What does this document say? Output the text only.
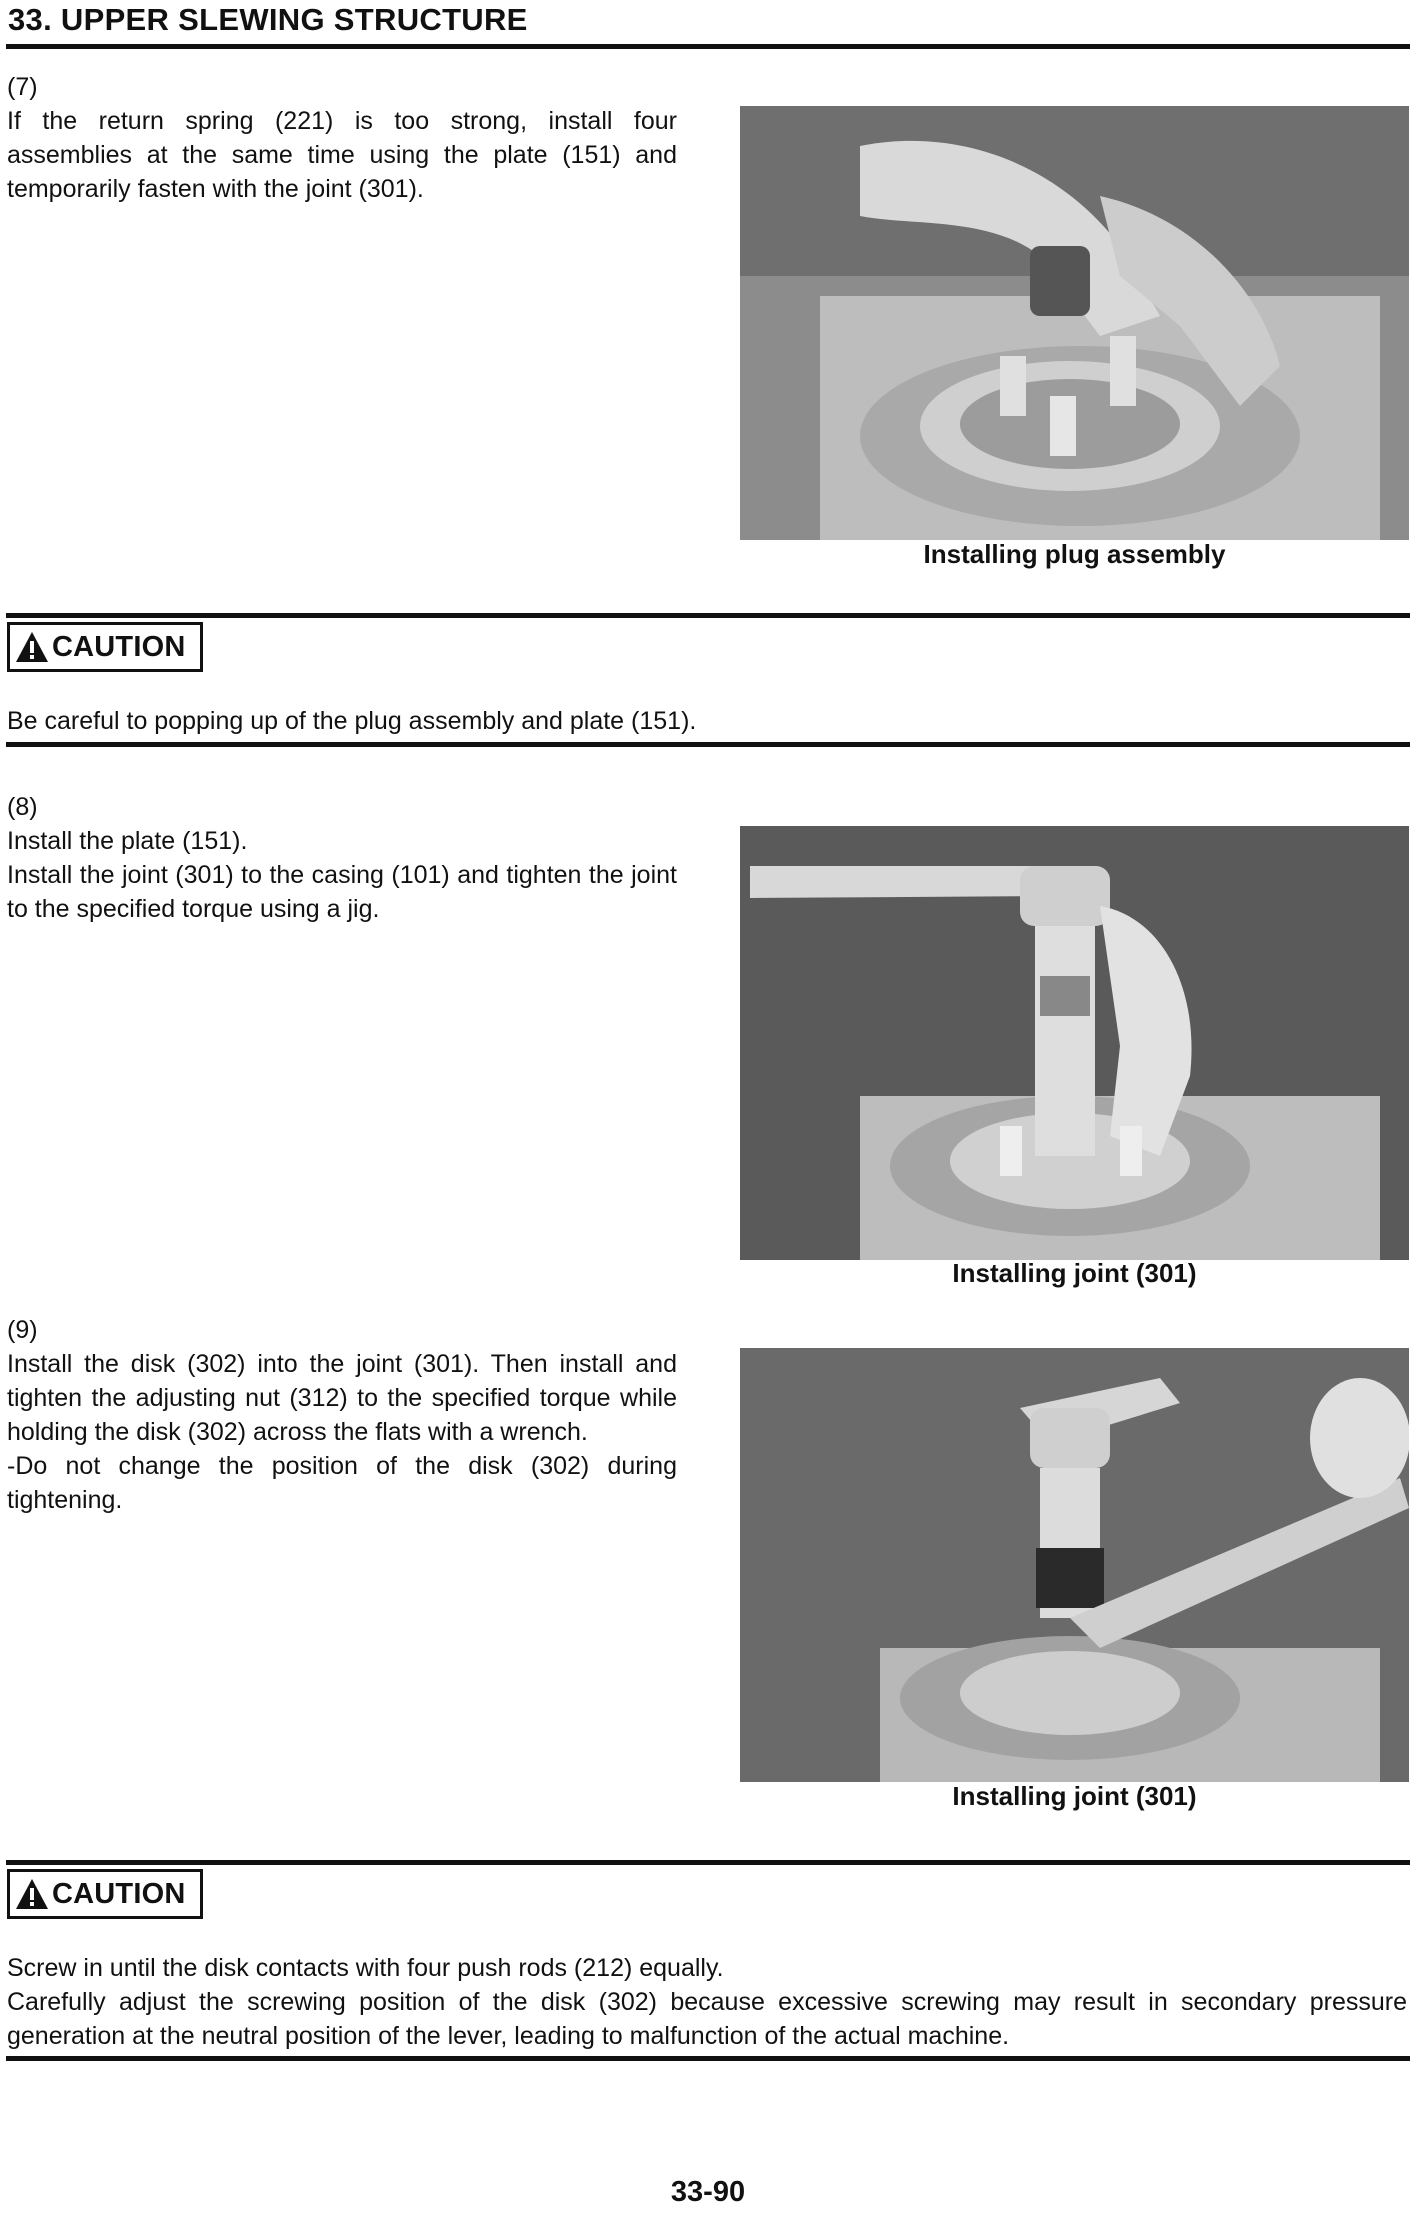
33. UPPER SLEWING STRUCTURE
(7)
If the return spring (221) is too strong, install four assemblies at the same time using the plate (151) and temporarily fasten with the joint (301).
Installing plug assembly
CAUTION
Be careful to popping up of the plug assembly and plate (151).
(8)
Install the plate (151).
Install the joint (301) to the casing (101) and tighten the joint to the specified torque using a jig.
Installing joint (301)
(9)
Install the disk (302) into the joint (301). Then install and tighten the adjusting nut (312) to the specified torque while holding the disk (302) across the flats with a wrench.
-Do not change the position of the disk (302) during tightening.
Installing joint (301)
CAUTION
Screw in until the disk contacts with four push rods (212) equally.
Carefully adjust the screwing position of the disk (302) because excessive screwing may result in secondary pressure generation at the neutral position of the lever, leading to malfunction of the actual machine.
33-90
